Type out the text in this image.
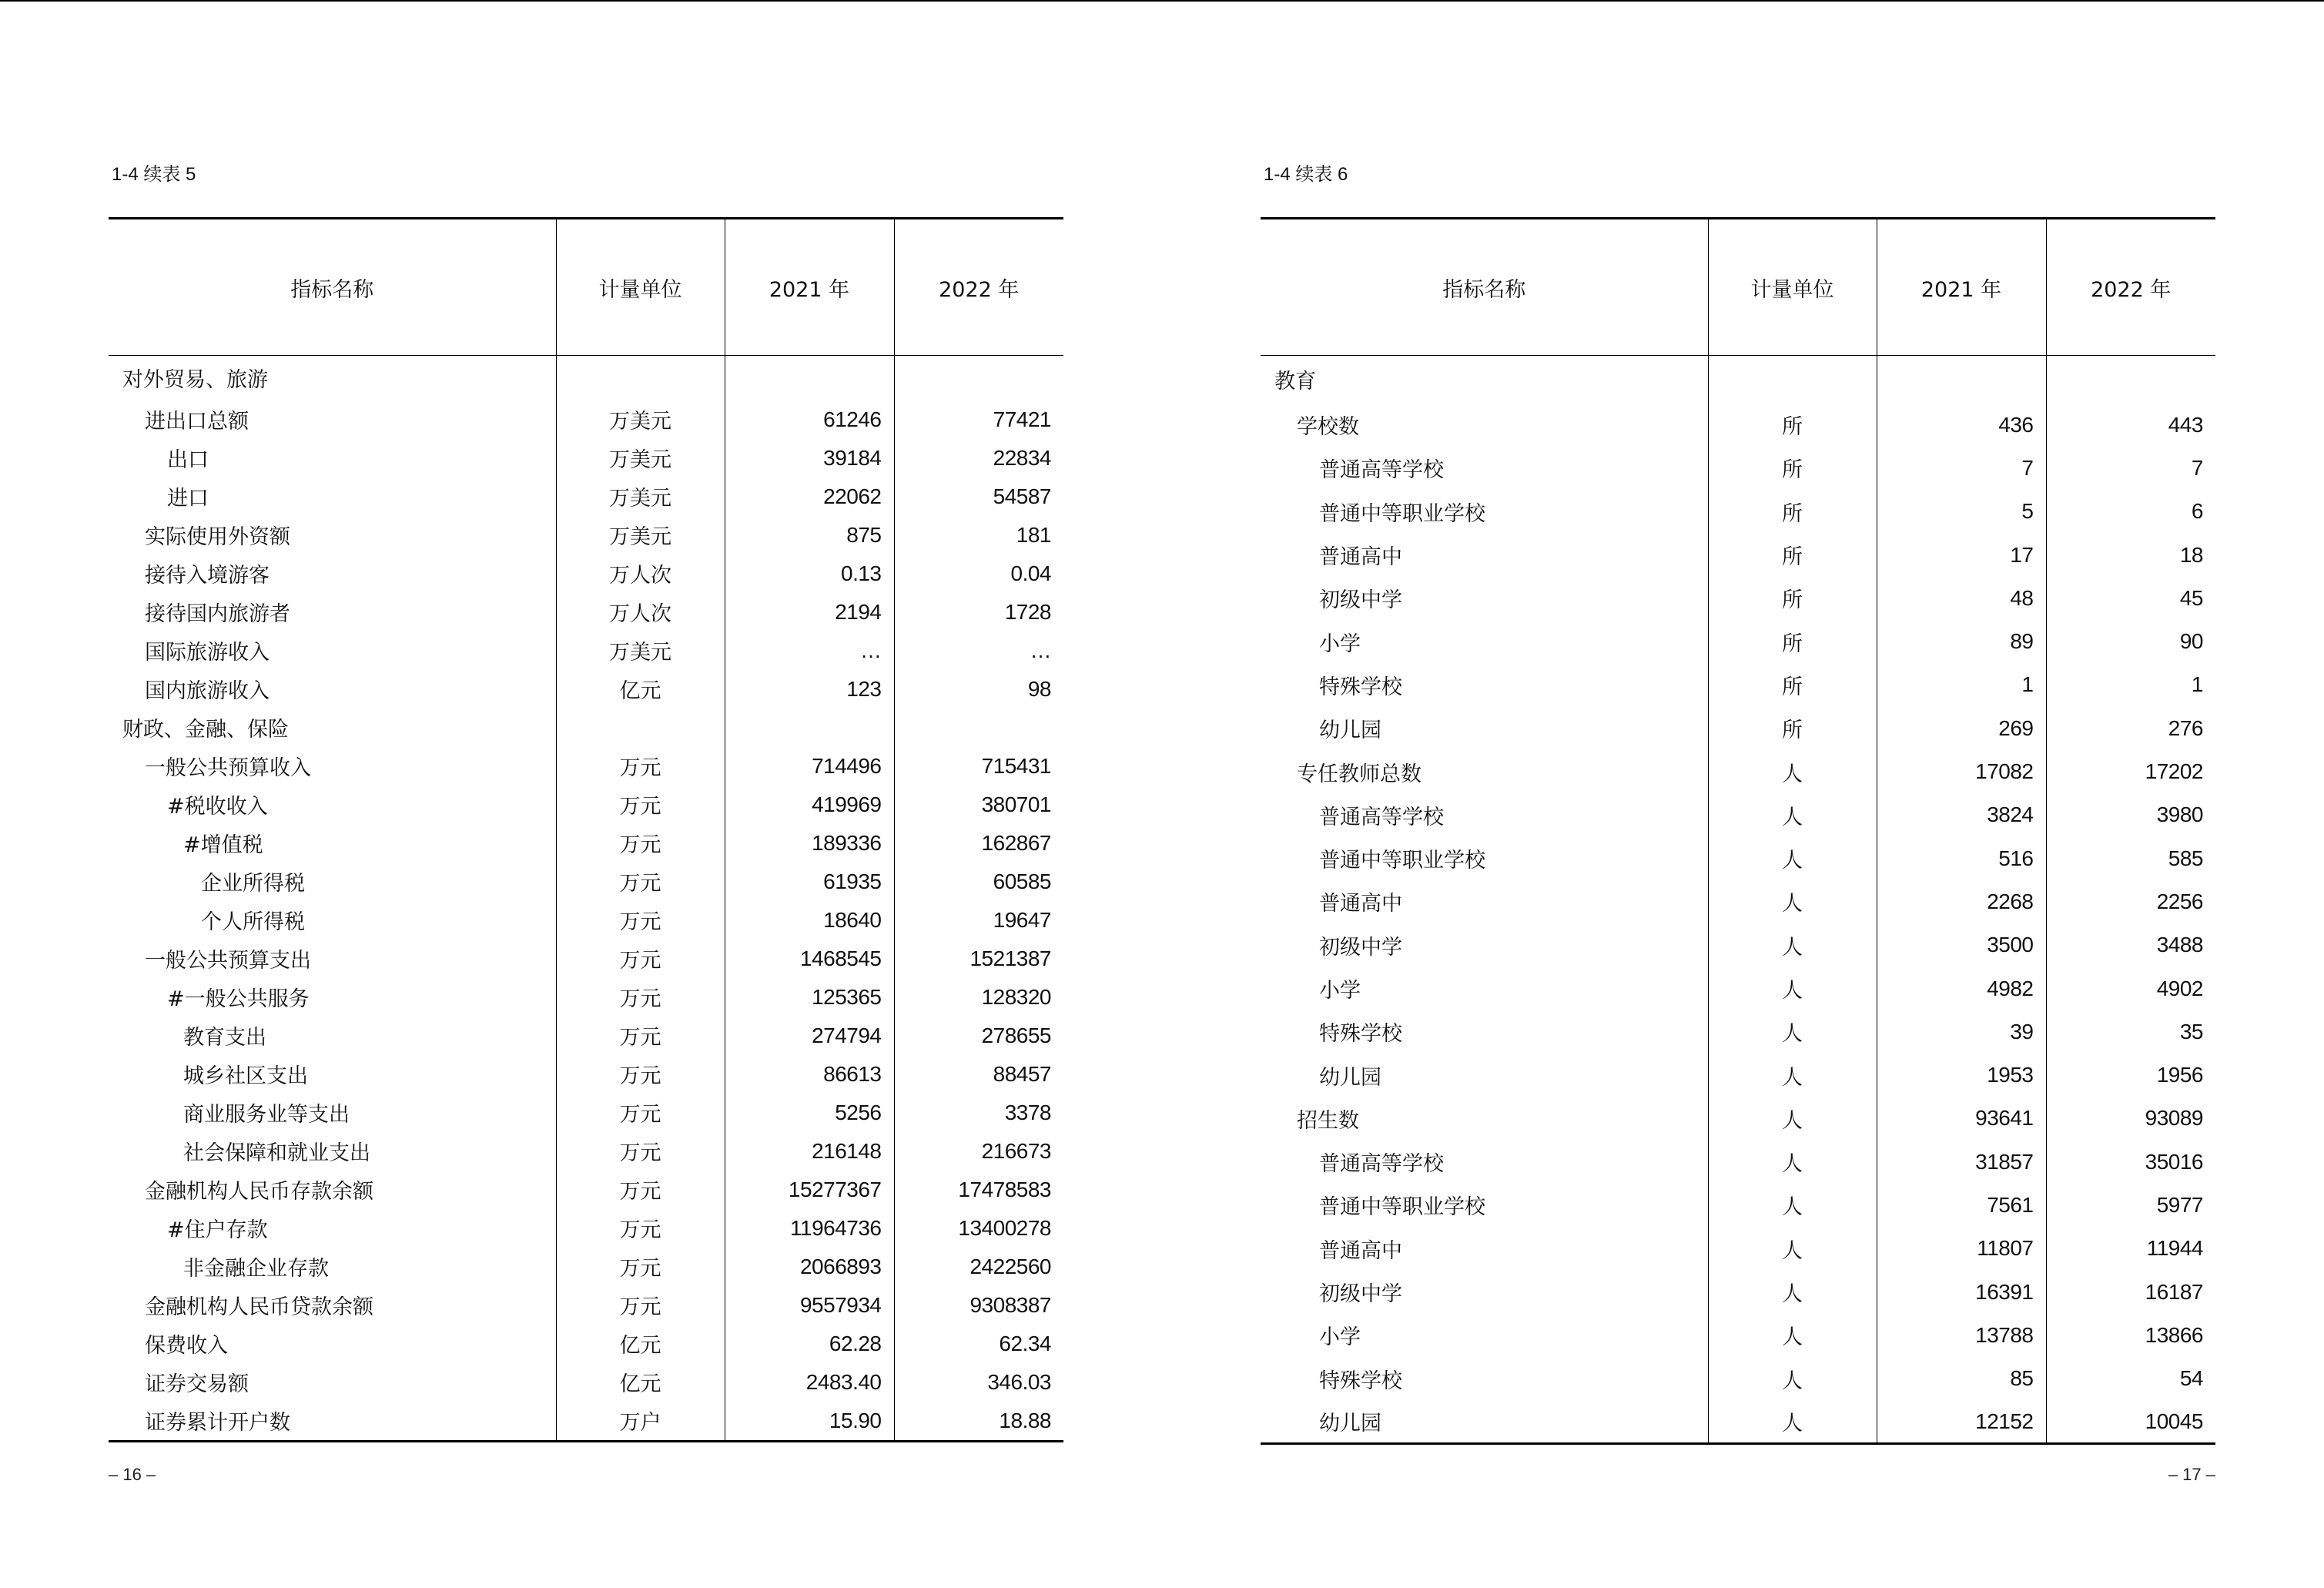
1-4 续表 5
指标名称	计量单位	2021 年	2022 年
对外贸易、旅游			
进出口总额	万美元	61246	77421
出口	万美元	39184	22834
进口	万美元	22062	54587
实际使用外资额	万美元	875	181
接待入境游客	万人次	0.13	0.04
接待国内旅游者	万人次	2194	1728
国际旅游收入	万美元	…	…
国内旅游收入	亿元	123	98
财政、金融、保险			
一般公共预算收入	万元	714496	715431
#税收收入	万元	419969	380701
#增值税	万元	189336	162867
企业所得税	万元	61935	60585
个人所得税	万元	18640	19647
一般公共预算支出	万元	1468545	1521387
#一般公共服务	万元	125365	128320
教育支出	万元	274794	278655
城乡社区支出	万元	86613	88457
商业服务业等支出	万元	5256	3378
社会保障和就业支出	万元	216148	216673
金融机构人民币存款余额	万元	15277367	17478583
#住户存款	万元	11964736	13400278
非金融企业存款	万元	2066893	2422560
金融机构人民币贷款余额	万元	9557934	9308387
保费收入	亿元	62.28	62.34
证券交易额	亿元	2483.40	346.03
证券累计开户数	万户	15.90	18.88
– 16 –
1-4 续表 6
指标名称	计量单位	2021 年	2022 年
教育			
学校数	所	436	443
普通高等学校	所	7	7
普通中等职业学校	所	5	6
普通高中	所	17	18
初级中学	所	48	45
小学	所	89	90
特殊学校	所	1	1
幼儿园	所	269	276
专任教师总数	人	17082	17202
普通高等学校	人	3824	3980
普通中等职业学校	人	516	585
普通高中	人	2268	2256
初级中学	人	3500	3488
小学	人	4982	4902
特殊学校	人	39	35
幼儿园	人	1953	1956
招生数	人	93641	93089
普通高等学校	人	31857	35016
普通中等职业学校	人	7561	5977
普通高中	人	11807	11944
初级中学	人	16391	16187
小学	人	13788	13866
特殊学校	人	85	54
幼儿园	人	12152	10045
– 17 –
